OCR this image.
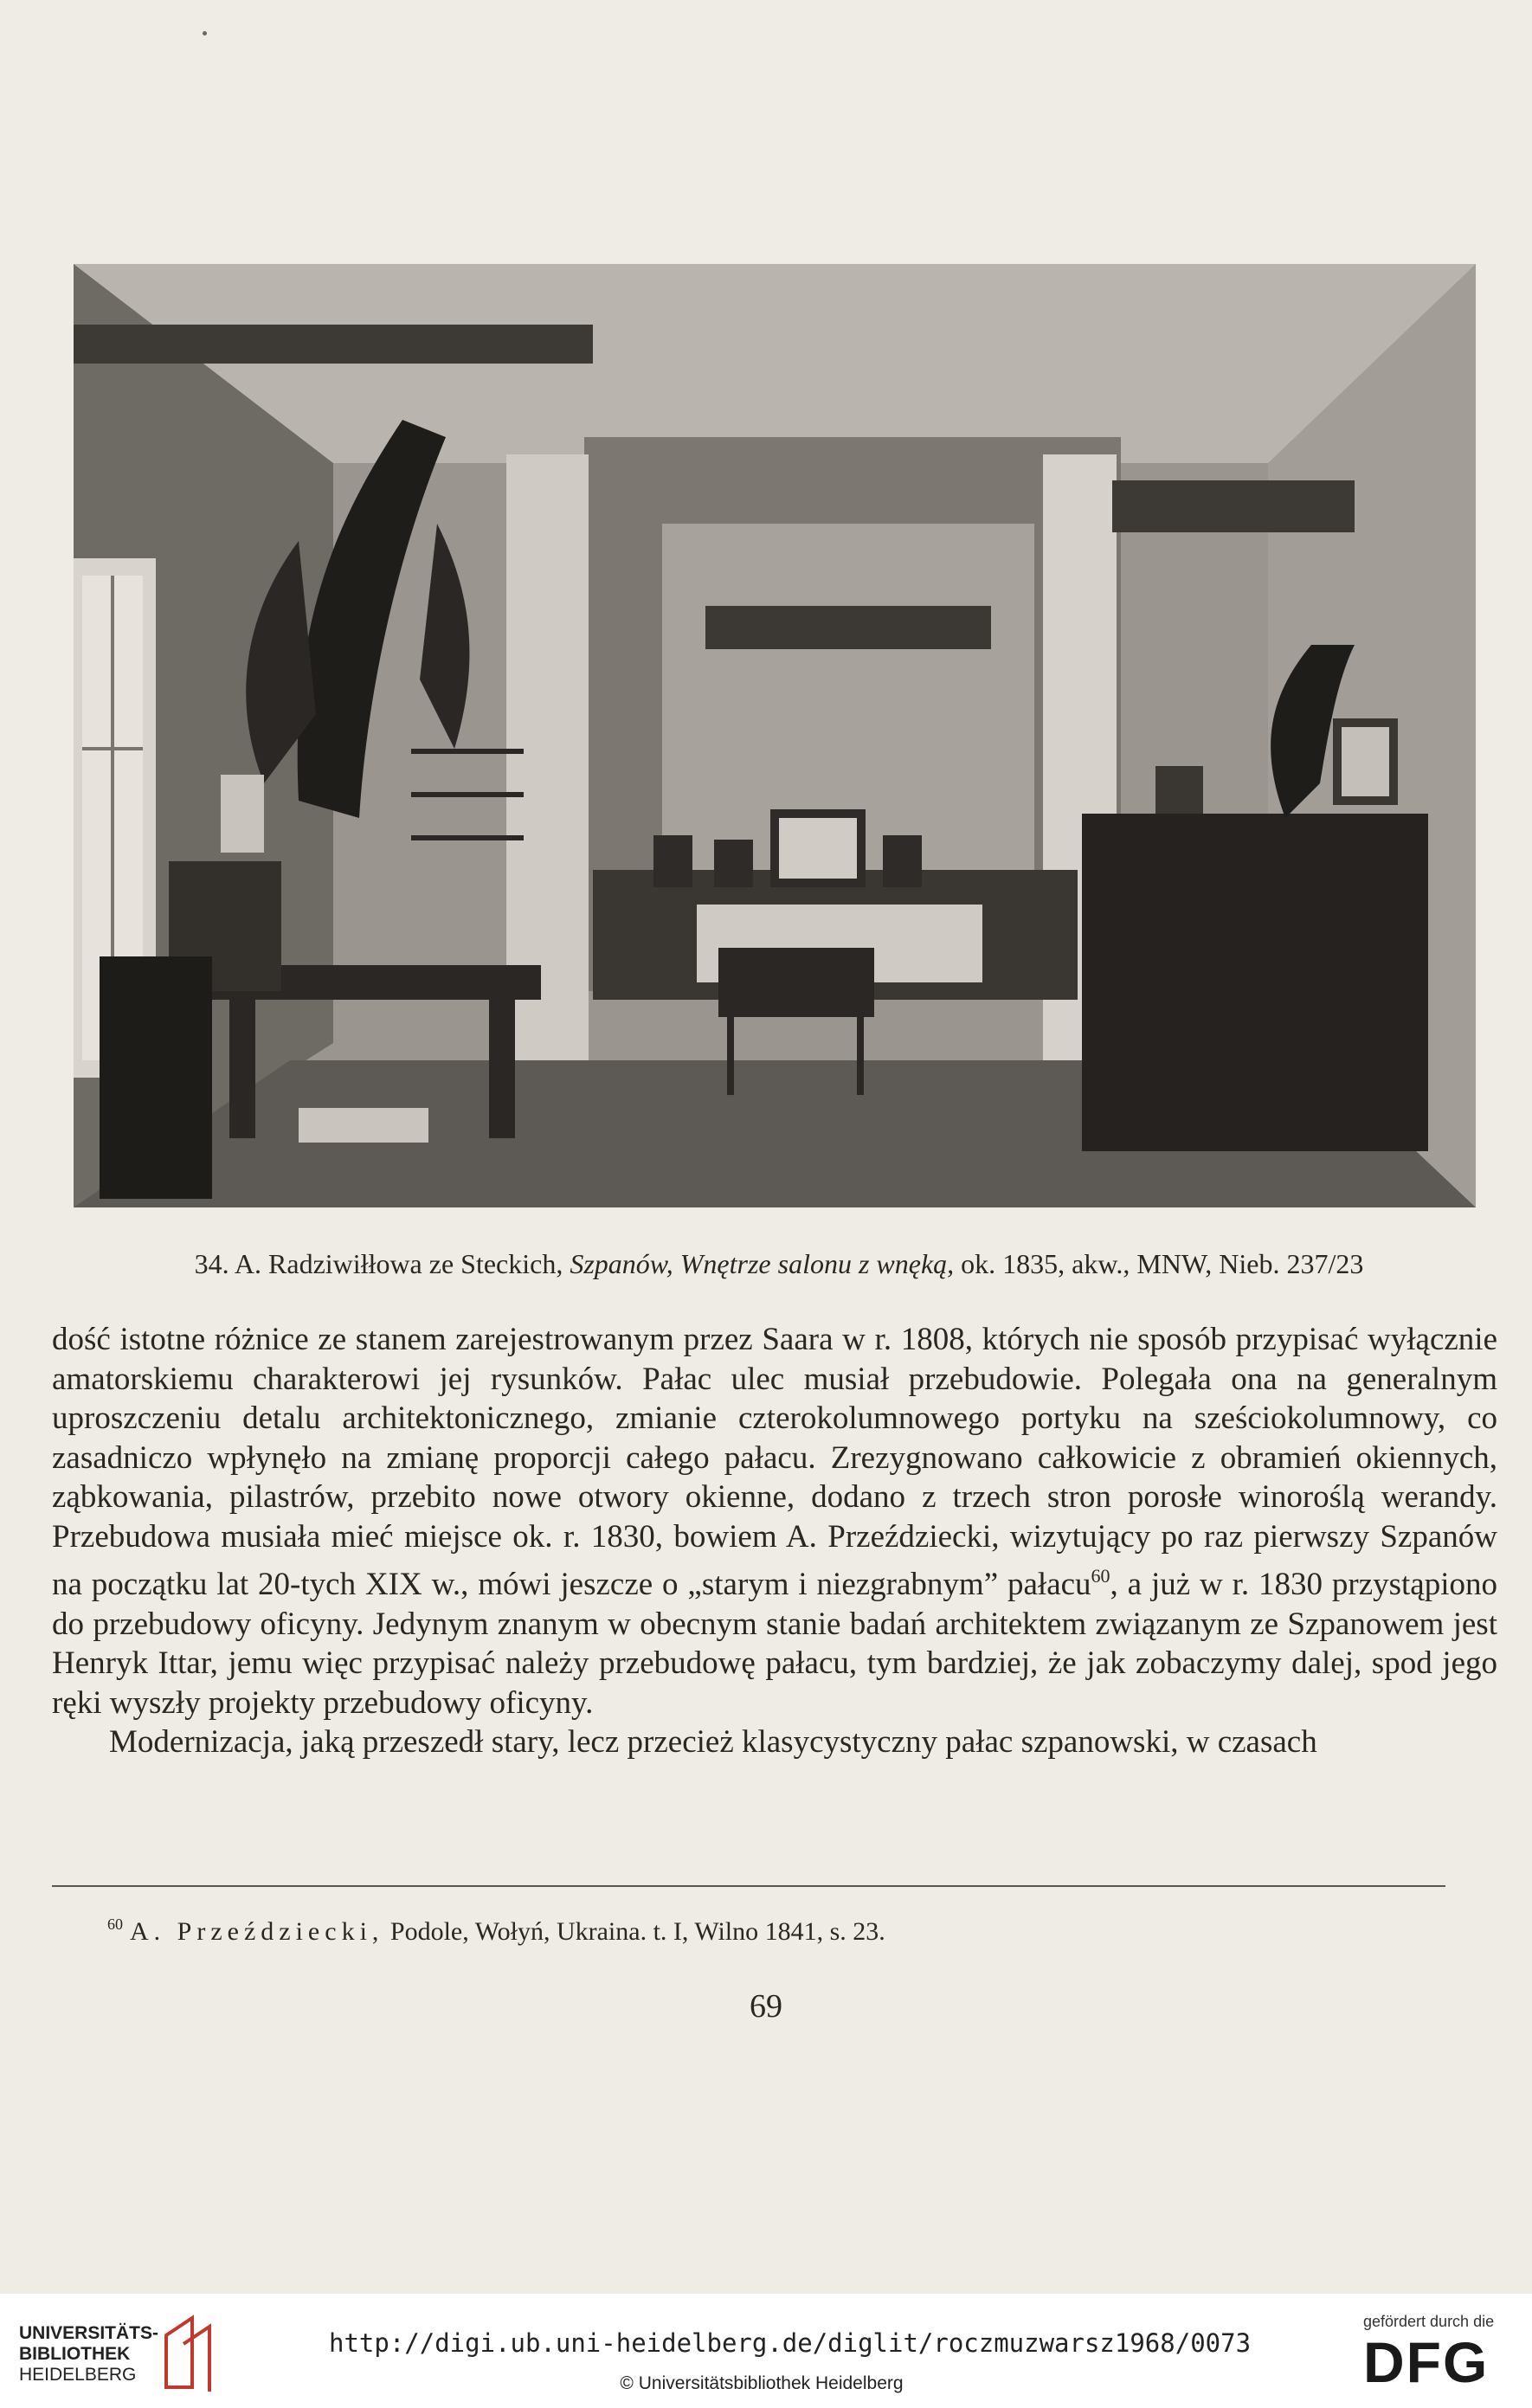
34. A. Radziwiłłowa ze Steckich, Szpanów, Wnętrze salonu z wnęką, ok. 1835, akw., MNW, Nieb. 237/23

dość istotne różnice ze stanem zarejestrowanym przez Saara w r. 1808, których nie sposób przypisać wyłącznie amatorskiemu charakterowi jej rysunków. Pałac ulec musiał przebudowie. Polegała ona na generalnym uproszczeniu detalu architektonicznego, zmianie czterokolumnowego portyku na sześciokolumnowy, co zasadniczo wpłynęło na zmianę proporcji całego pałacu. Zrezygnowano całkowicie z obramień okiennych, ząbkowania, pilastrów, przebito nowe otwory okienne, dodano z trzech stron porosłe winoroślą werandy. Przebudowa musiała mieć miejsce ok. r. 1830, bowiem A. Przeździecki, wizytujący po raz pierwszy Szpanów na początku lat 20-tych XIX w., mówi jeszcze o „starym i niezgrabnym” pałacu$^{60}$, a już w r. 1830 przystąpiono do przebudowy oficyny. Jedynym znanym w obecnym stanie badań architektem związanym ze Szpanowem jest Henryk Ittar, jemu więc przypisać należy przebudowę pałacu, tym bardziej, że jak zobaczymy dalej, spod jego ręki wyszły projekty przebudowy oficyny.

Modernizacja, jaką przeszedł stary, lecz przecież klasycystyczny pałac szpanowski, w czasach

$^{60}$ A. Przeździecki, Podole, Wołyń, Ukraina. t. I, Wilno 1841, s. 23.
69
UNIVERSITÄTS-
BIBLIOTHEK
HEIDELBERG
http://digi.ub.uni-heidelberg.de/diglit/roczmuzwarsz1968/0073
© Universitätsbibliothek Heidelberg
gefördert durch die
DFG
